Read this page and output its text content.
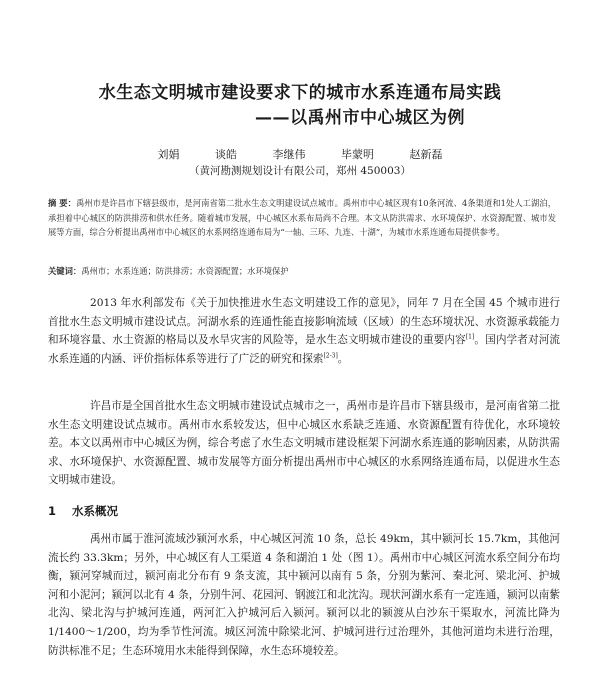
水生态文明城市建设要求下的城市水系连通布局实践
——以禹州市中心城区为例
刘娟	谈皓	李继伟	毕蒙明	赵新磊
（黄河勘测规划设计有限公司，郑州 450003）
摘 要：禹州市是许昌市下辖县级市，是河南省第二批水生态文明建设试点城市。禹州市中心城区现有10条河流、4条渠道和1处人工湖泊，承担着中心城区的防洪排涝和供水任务。随着城市发展，中心城区水系布局尚不合理。本文从防洪需求、水环境保护、水资源配置、城市发展等方面，综合分析提出禹州市中心城区的水系网络连通布局为“一轴、三环、九连、十湖”，为城市水系连通布局提供参考。
关键词：禹州市；水系连通；防洪排涝；水资源配置；水环境保护
2013 年水利部发布《关于加快推进水生态文明建设工作的意见》，同年 7 月在全国 45 个城市进行首批水生态文明城市建设试点。河湖水系的连通性能直接影响流域（区域）的生态环境状况、水资源承载能力和环境容量、水土资源的格局以及水旱灾害的风险等，是水生态文明城市建设的重要内容[1]。国内学者对河流水系连通的内涵、评价指标体系等进行了广泛的研究和探索[2-3]。
许昌市是全国首批水生态文明城市建设试点城市之一，禹州市是许昌市下辖县级市，是河南省第二批水生态文明建设试点城市。禹州市水系较发达，但中心城区水系缺乏连通、水资源配置有待优化，水环境较差。本文以禹州市中心城区为例，综合考虑了水生态文明城市建设框架下河湖水系连通的影响因素，从防洪需求、水环境保护、水资源配置、城市发展等方面分析提出禹州市中心城区的水系网络连通布局，以促进水生态文明城市建设。
1 水系概况
禹州市属于淮河流域沙颍河水系，中心城区河流 10 条，总长 49km，其中颍河长 15.7km，其他河流长约 33.3km；另外，中心城区有人工渠道 4 条和湖泊 1 处（图 1）。禹州市中心城区河流水系空间分布均衡，颍河穿城而过，颍河南北分布有 9 条支流，其中颍河以南有 5 条，分别为紫河、秦北河、梁北河、护城河和小泥河；颍河以北有 4 条，分别牛河、花园河、钢渡江和北沈沟。现状河湖水系有一定连通，颍河以南紫北沟、梁北沟与护城河连通，两河汇入护城河后入颍河。颍河以北的颍渡从白沙东干渠取水，河流比降为 1/1400～1/200，均为季节性河流。城区河流中除梁北河、护城河进行过治理外，其他河道均未进行治理，防洪标准不足；生态环境用水未能得到保障，水生态环境较差。
